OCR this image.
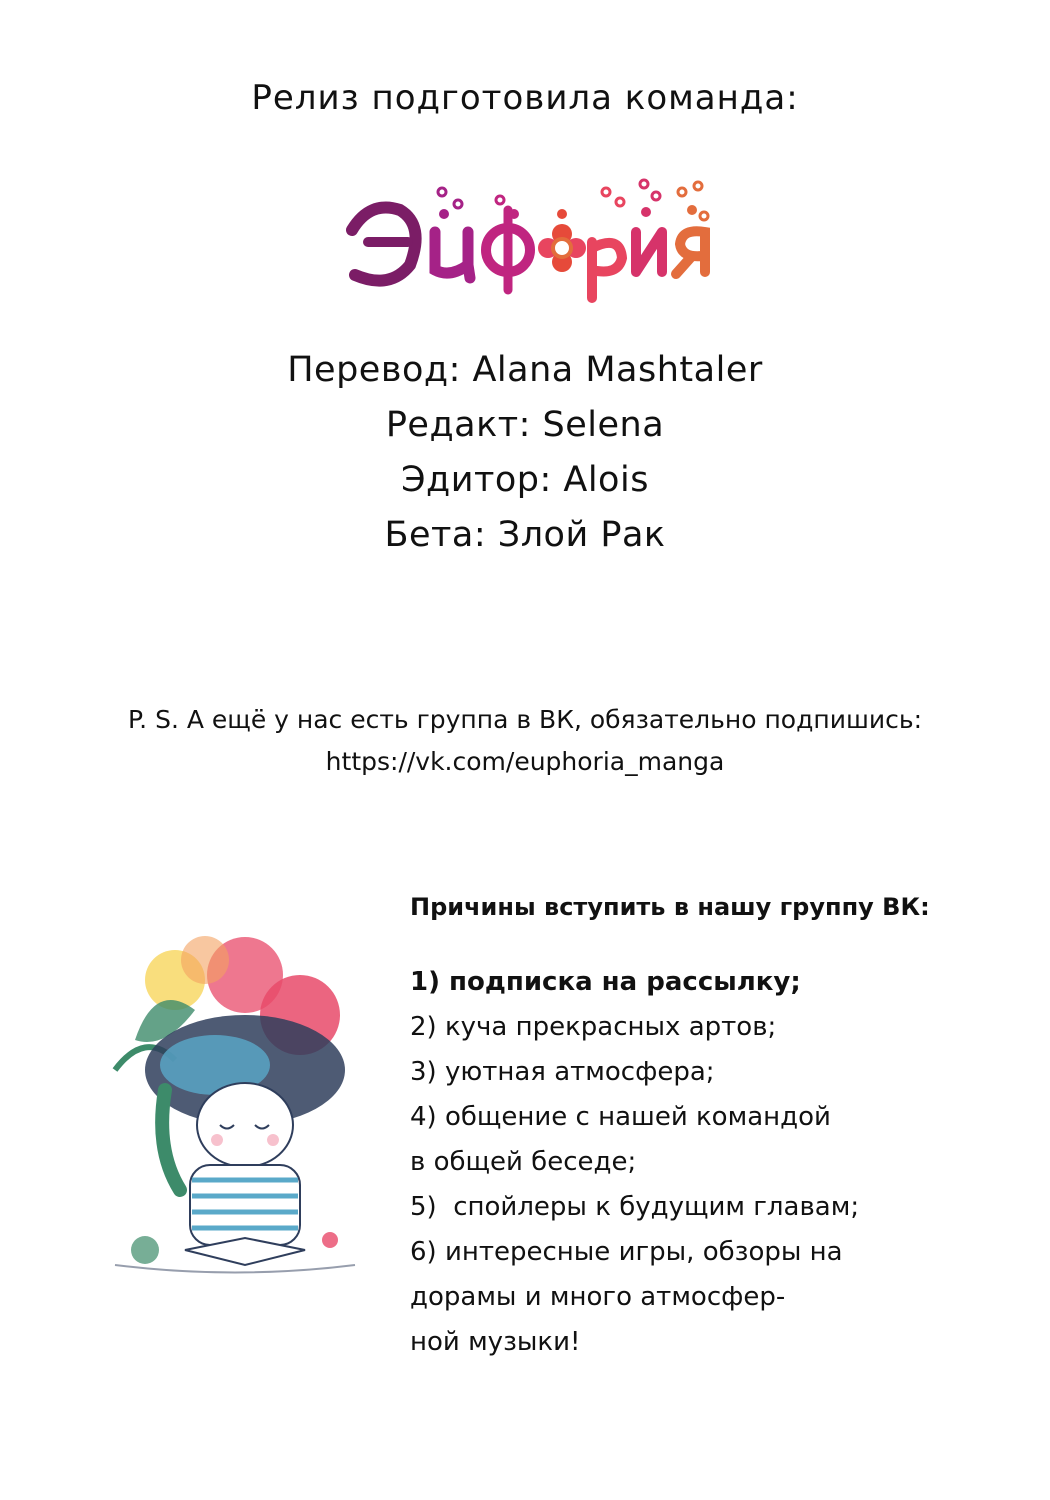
Релиз подготовила команда:
Перевод: Alana Mashtaler
Редакт: Selena
Эдитор: Alois
Бета: Злой Рак
P. S. А ещё у нас есть группа в ВК, обязательно подпишись:
https://vk.com/euphoria_manga
Причины вступить в нашу группу ВК:
1) подписка на рассылку;
2) куча прекрасных артов;
3) уютная атмосфера;
4) общение с нашей командой
в общей беседе;
5)  спойлеры к будущим главам;
6) интересные игры, обзоры на
дорамы и много атмосфер-
ной музыки!
